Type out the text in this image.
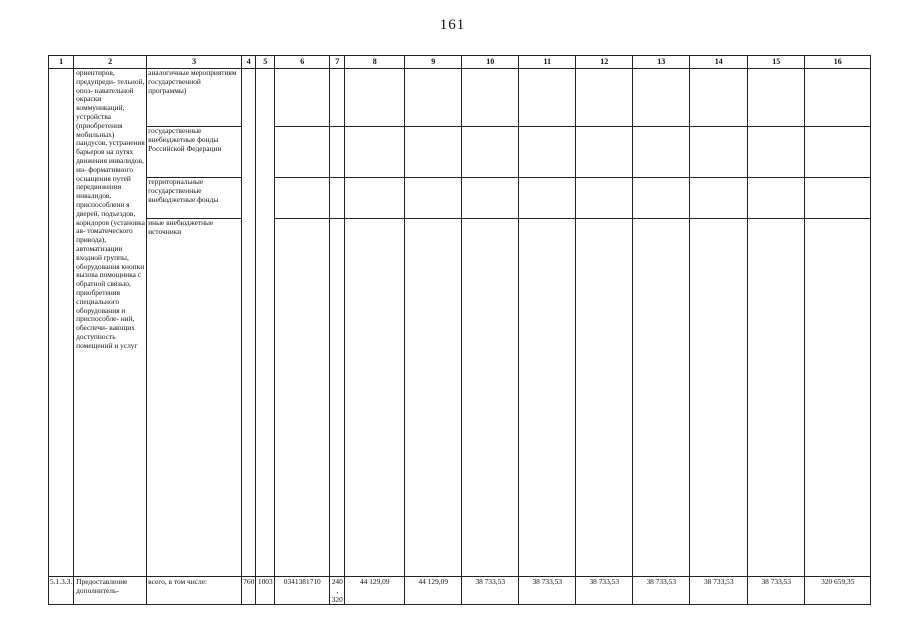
161
1	2	3	4	5	6	7	8	9	10	11	12	13	14	15	16
	ориентиров, предупреди- тельной, опоз- навательной окраски коммуникаций, устройства (приобретения мобильных) пандусов, устранения барьеров на путях движения инвалидов, ин- формативного оснащения путей передвижения инвалидов, приспособлени я дверей, подъездов, коридоров (установка ав- томатического привода), автоматизации входной группы, оборудования кнопки вызова помощника с обратной связью, приобретения специального оборудования и приспособле- ний, обеспечи- вающих доступность помещений и услуг	аналогичные мероприятиям государственной программы)													
		государственные внебюджетные фонды Российской Федерации													
		территориальные государственные внебюджетные фонды													
		иные внебюджетные источники													
5.1.3.3.	Предоставление дополнитель-	всего, в том числе:	760	1003	0341381710	240, 320	44 129,09	44 129,09	38 733,53	38 733,53	38 733,53	38 733,53	38 733,53	38 733,53	320 659,35
